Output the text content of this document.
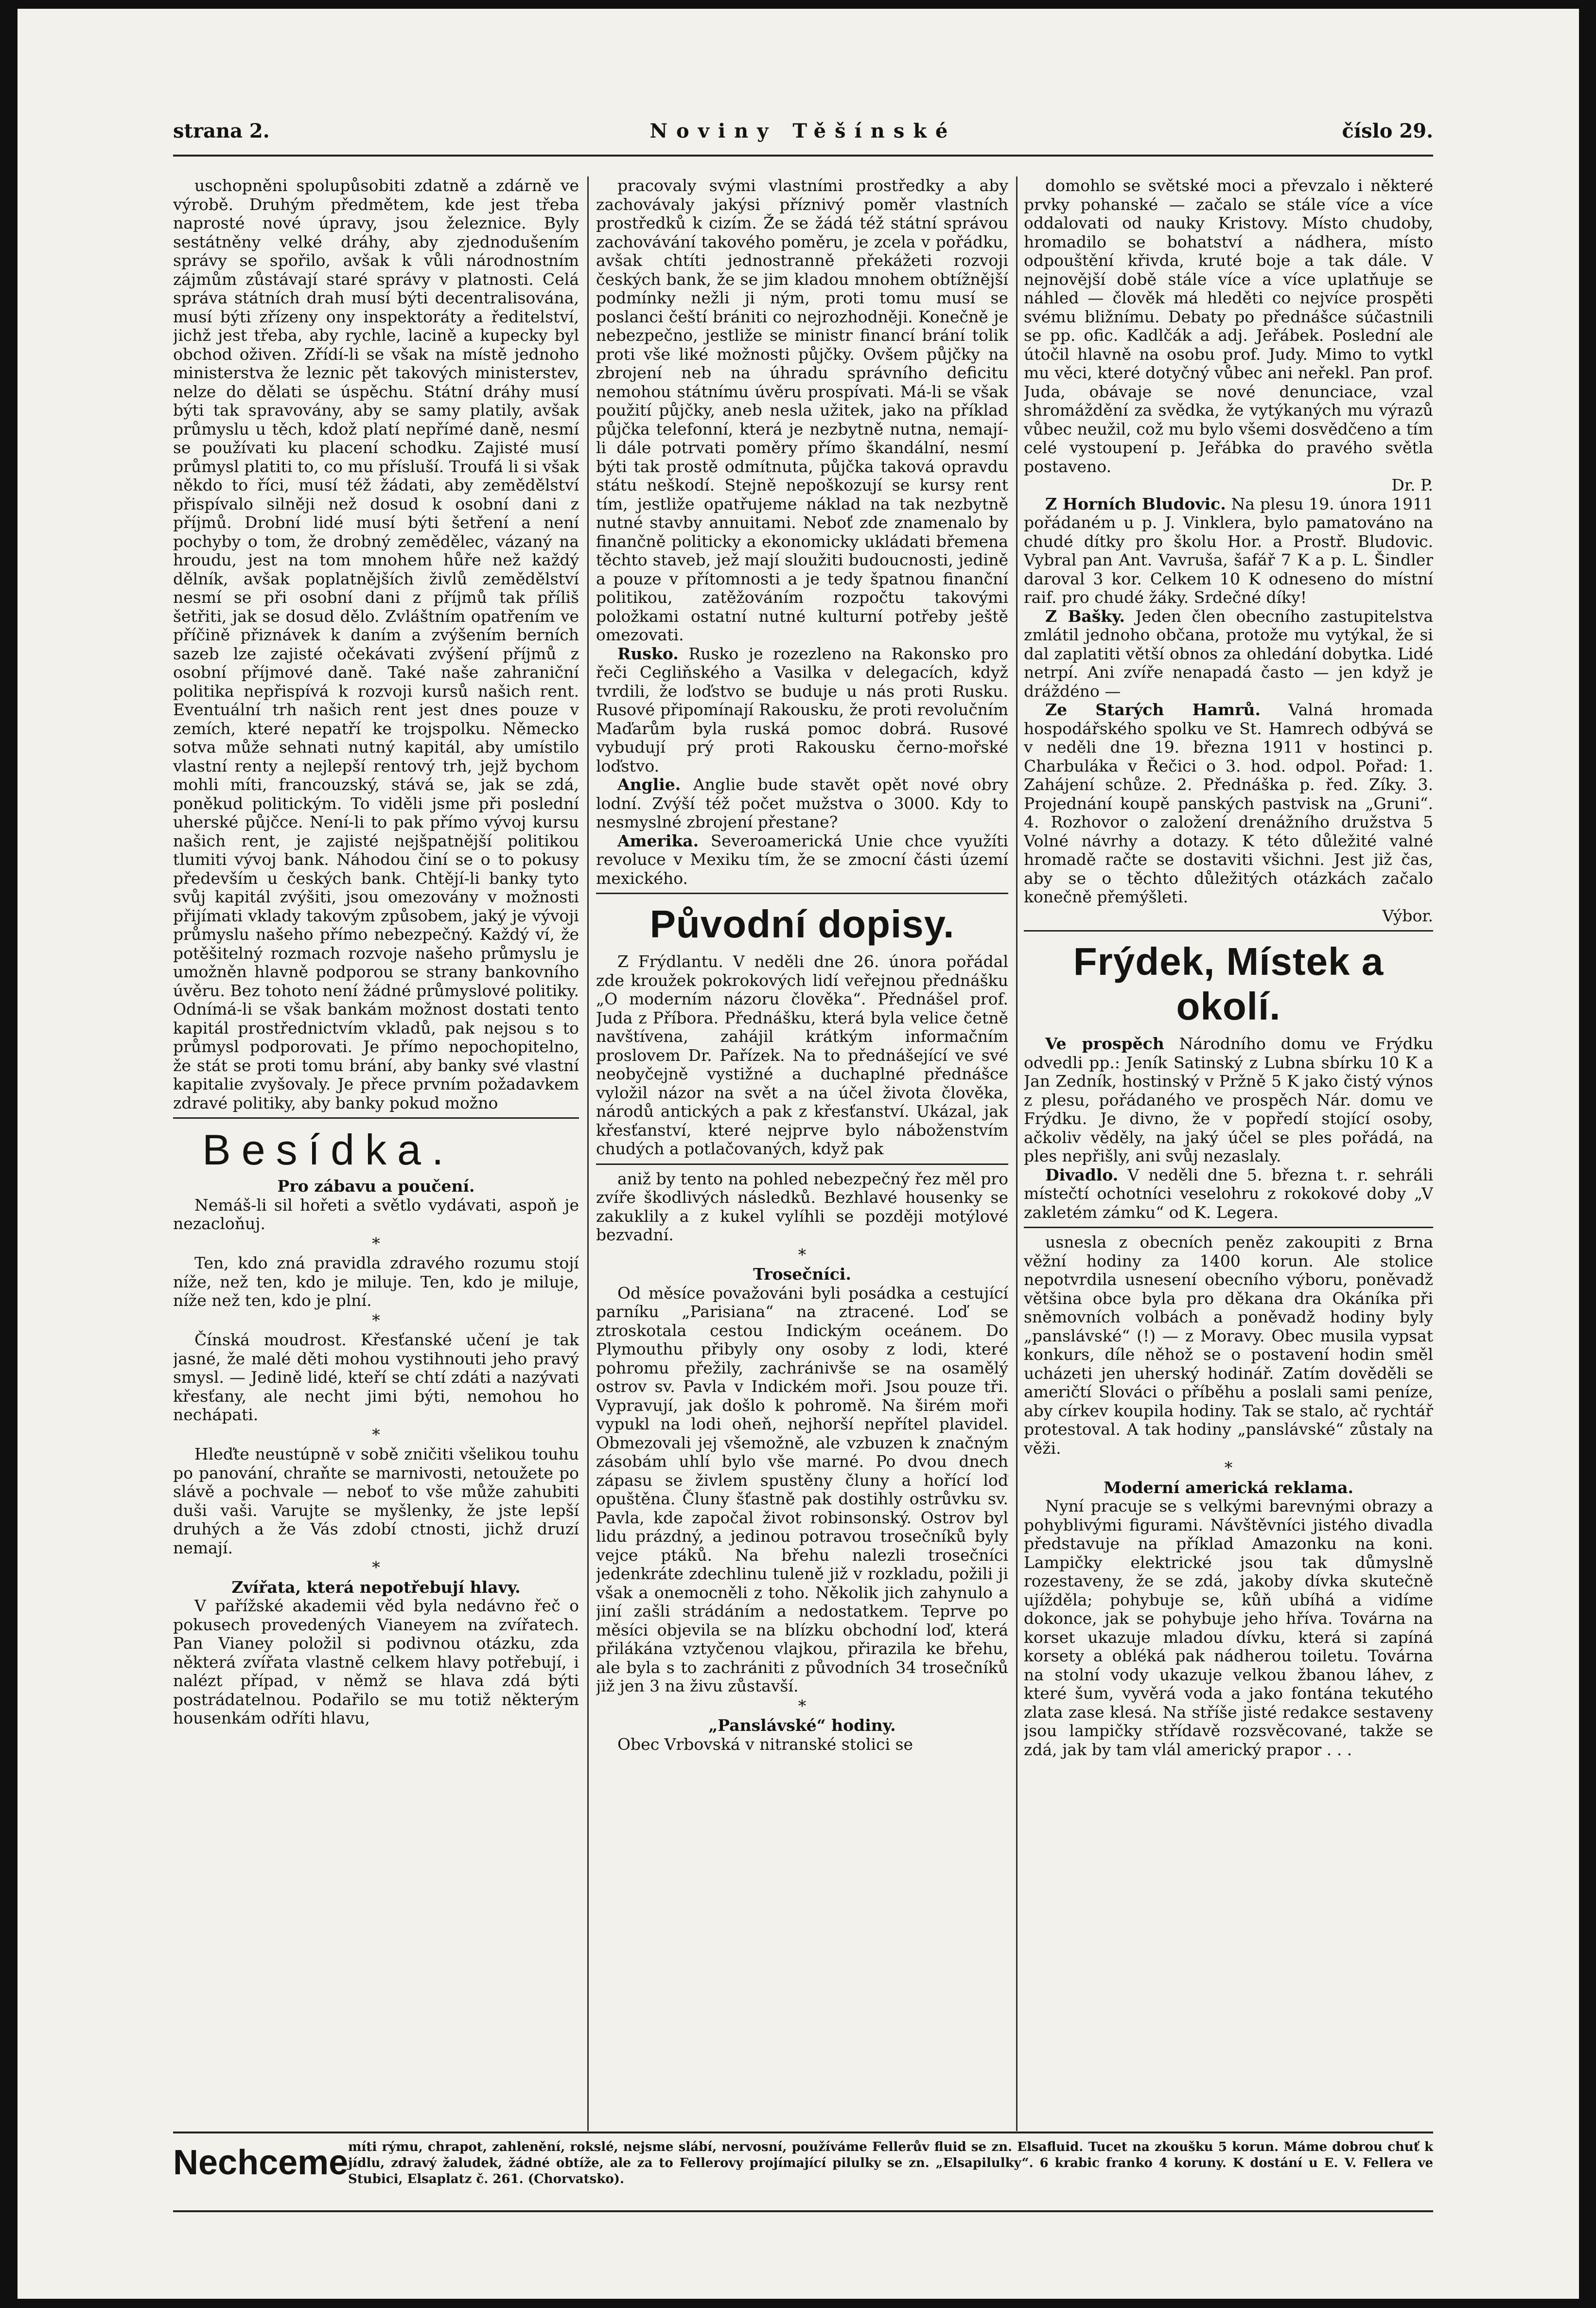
strana 2.	Noviny Těšínské	číslo 29.

uschopněni spolupůsobiti zdatně a zdárně ve výrobě. Druhým předmětem, kde jest třeba naprosté nové úpravy, jsou železnice. Byly sestátněny velké dráhy, aby zjednodušením správy se spořilo, avšak k vůli národnostním zájmům zůstávají staré správy v platnosti. Celá správa státních drah musí býti decentralisována, musí býti zřízeny ony inspektoráty a ředitelství, jichž jest třeba, aby rychle, lacině a kupecky byl obchod oživen. Zřídí-li se však na místě jednoho ministerstva že leznic pět takových ministerstev, nelze do dělati se úspěchu. Státní dráhy musí býti tak spravovány, aby se samy platily, avšak průmyslu u těch, kdož platí nepřímé daně, nesmí se používati ku placení schodku. Zajisté musí průmysl platiti to, co mu přísluší. Troufá li si však někdo to říci, musí též žádati, aby zemědělství přispívalo silněji než dosud k osobní dani z příjmů. Drobní lidé musí býti šetření a není pochyby o tom, že drobný zemědělec, vázaný na hroudu, jest na tom mnohem hůře než každý dělník, avšak poplatnějších živlů zemědělství nesmí se při osobní dani z příjmů tak příliš šetřiti, jak se dosud dělo. Zvláštním opatřením ve příčině přiznávek k daním a zvýšením berních sazeb lze zajisté očekávati zvýšení příjmů z osobní příjmové daně. Také naše zahraniční politika nepřispívá k rozvoji kursů našich rent. Eventuální trh našich rent jest dnes pouze v zemích, které nepatří ke trojspolku. Německo sotva může sehnati nutný kapitál, aby umístilo vlastní renty a nejlepší rentový trh, jejž bychom mohli míti, francouzský, stává se, jak se zdá, poněkud politickým. To viděli jsme při poslední uherské půjčce. Není-li to pak přímo vývoj kursu našich rent, je zajisté nejšpatnější politikou tlumiti vývoj bank. Náhodou činí se o to pokusy především u českých bank. Chtějí-li banky tyto svůj kapitál zvýšiti, jsou omezovány v možnosti přijímati vklady takovým způsobem, jaký je vývoji průmyslu našeho přímo nebezpečný. Každý ví, že potěšitelný rozmach rozvoje našeho průmyslu je umožněn hlavně podporou se strany bankovního úvěru. Bez tohoto není žádné průmyslové politiky. Odnímá-li se však bankám možnost dostati tento kapitál prostřednictvím vkladů, pak nejsou s to průmysl podporovati. Je přímo nepochopitelno, že stát se proti tomu brání, aby banky své vlastní kapitalie zvyšovaly. Je přece prvním požadavkem zdravé politiky, aby banky pokud možno

Besídka.

Pro zábavu a poučení.

Nemáš-li sil hořeti a světlo vydávati, aspoň je nezacloňuj.

*

Ten, kdo zná pravidla zdravého rozumu stojí níže, než ten, kdo je miluje. Ten, kdo je miluje, níže než ten, kdo je plní.

*

Čínská moudrost. Křesťanské učení je tak jasné, že malé děti mohou vystihnouti jeho pravý smysl. — Jedině lidé, kteří se chtí zdáti a nazývati křesťany, ale necht jimi býti, nemohou ho nechápati.

*

Hleďte neustúpně v sobě zničiti všelikou touhu po panování, chraňte se marnivosti, netoužete po slávě a pochvale — neboť to vše může zahubiti duši vaši. Varujte se myšlenky, že jste lepší druhých a že Vás zdobí ctnosti, jichž druzí nemají.

*

Zvířata, která nepotřebují hlavy.

V pařížské akademii věd byla nedávno řeč o pokusech provedených Vianeyem na zvířatech. Pan Vianey položil si podivnou otázku, zda některá zvířata vlastně celkem hlavy potřebují, i nalézt případ, v němž se hlava zdá býti postrádatelnou. Podařilo se mu totiž některým housenkám odříti hlavu,

pracovaly svými vlastními prostředky a aby zachovávaly jakýsi příznivý poměr vlastních prostředků k cizím. Že se žádá též státní správou zachovávání takového poměru, je zcela v pořádku, avšak chtíti jednostranně překážeti rozvoji českých bank, že se jim kladou mnohem obtížnější podmínky nežli ji ným, proti tomu musí se poslanci čeští brániti co nejrozhodněji. Konečně je nebezpečno, jestliže se ministr financí brání tolik proti vše liké možnosti půjčky. Ovšem půjčky na zbrojení neb na úhradu správního deficitu nemohou státnímu úvěru prospívati. Má-li se však použití půjčky, aneb nesla užitek, jako na příklad půjčka telefonní, která je nezbytně nutna, nemají-li dále potrvati poměry přímo škandální, nesmí býti tak prostě odmítnuta, půjčka taková opravdu státu neškodí. Stejně nepoškozují se kursy rent tím, jestliže opatřujeme náklad na tak nezbytně nutné stavby annuitami. Neboť zde znamenalo by finančně politicky a ekonomicky ukládati břemena těchto staveb, jež mají sloužiti budoucnosti, jedině a pouze v přítomnosti a je tedy špatnou finanční politikou, zatěžováním rozpočtu takovými položkami ostatní nutné kulturní potřeby ještě omezovati.

Rusko. Rusko je rozezleno na Rakonsko pro řeči Cegliňského a Vasilka v delegacích, když tvrdili, že loďstvo se buduje u nás proti Rusku. Rusové připomínají Rakousku, že proti revolučním Maďarům byla ruská pomoc dobrá. Rusové vybudují prý proti Rakousku černo-mořské loďstvo.

Anglie. Anglie bude stavět opět nové obry lodní. Zvýší též počet mužstva o 3000. Kdy to nesmyslné zbrojení přestane?

Amerika. Severoamerická Unie chce využíti revoluce v Mexiku tím, že se zmocní části území mexického.

Původní dopisy.

Z Frýdlantu. V neděli dne 26. února pořádal zde kroužek pokrokových lidí veřejnou přednášku „O moderním názoru člověka“. Přednášel prof. Juda z Příbora. Přednášku, která byla velice četně navštívena, zahájil krátkým informačním proslovem Dr. Pařízek. Na to přednášející ve své neobyčejně vystižné a duchaplné přednášce vyložil názor na svět a na účel života člověka, národů antických a pak z křesťanství. Ukázal, jak křesťanství, které nejprve bylo náboženstvím chudých a potlačovaných, když pak

aniž by tento na pohled nebezpečný řez měl pro zvíře škodlivých následků. Bezhlavé housenky se zakuklily a z kukel vylíhli se později motýlové bezvadní.

*

Trosečníci.

Od měsíce považováni byli posádka a cestující parníku „Parisiana“ na ztracené. Loď se ztroskotala cestou Indickým oceánem. Do Plymouthu přibyly ony osoby z lodi, které pohromu přežily, zachránivše se na osamělý ostrov sv. Pavla v Indickém moři. Jsou pouze tři. Vypravují, jak došlo k pohromě. Na širém moři vypukl na lodi oheň, nejhorší nepřítel plavidel. Obmezovali jej všemožně, ale vzbuzen k značným zásobám uhlí bylo vše marné. Po dvou dnech zápasu se živlem spustěny čluny a hořící loď opuštěna. Čluny šťastně pak dostihly ostrůvku sv. Pavla, kde započal život robinsonský. Ostrov byl lidu prázdný, a jedinou potravou trosečníků byly vejce ptáků. Na břehu nalezli trosečníci jedenkráte zdechlinu tuleně již v rozkladu, požili ji však a onemocněli z toho. Několik jich zahynulo a jiní zašli strádáním a nedostatkem. Teprve po měsíci objevila se na blízku obchodní loď, která přilákána vztyčenou vlajkou, přirazila ke břehu, ale byla s to zachrániti z původních 34 trosečníků již jen 3 na živu zůstavší.

*

„Panslávské“ hodiny.

Obec Vrbovská v nitranské stolici se

domohlo se světské moci a převzalo i některé prvky pohanské — začalo se stále více a více oddalovati od nauky Kristovy. Místo chudoby, hromadilo se bohatství a nádhera, místo odpouštění křivda, kruté boje a tak dále. V nejnovější době stále více a více uplatňuje se náhled — člověk má hleděti co nejvíce prospěti svému bližnímu. Debaty po přednášce súčastnili se pp. ofic. Kadlčák a adj. Jeřábek. Poslední ale útočil hlavně na osobu prof. Judy. Mimo to vytkl mu věci, které dotyčný vůbec ani neřekl. Pan prof. Juda, obávaje se nové denunciace, vzal shromáždění za svědka, že vytýkaných mu výrazů vůbec neužil, což mu bylo všemi dosvědčeno a tím celé vystoupení p. Jeřábka do pravého světla postaveno.

Dr. P.

Z Horních Bludovic. Na plesu 19. února 1911 pořádaném u p. J. Vinklera, bylo pamatováno na chudé dítky pro školu Hor. a Prostř. Bludovic. Vybral pan Ant. Vavruša, šafář 7 K a p. L. Šindler daroval 3 kor. Celkem 10 K odneseno do místní raif. pro chudé žáky. Srdečné díky!

Z Bašky. Jeden člen obecního zastupitelstva zmlátil jednoho občana, protože mu vytýkal, že si dal zaplatiti větší obnos za ohledání dobytka. Lidé netrpí. Ani zvíře nenapadá často — jen když je dráždéno —

Ze Starých Hamrů. Valná hromada hospodářského spolku ve St. Hamrech odbývá se v neděli dne 19. března 1911 v hostinci p. Charbuláka v Řečici o 3. hod. odpol. Pořad: 1. Zahájení schůze. 2. Přednáška p. řed. Zíky. 3. Projednání koupě panských pastvisk na „Gruni“. 4. Rozhovor o založení drenážního družstva 5 Volné návrhy a dotazy. K této důležité valné hromadě račte se dostaviti všichni. Jest již čas, aby se o těchto důležitých otázkách začalo konečně přemýšleti.

Výbor.

Frýdek, Místek a okolí.

Ve prospěch Národního domu ve Frýdku odvedli pp.: Jeník Satinský z Lubna sbírku 10 K a Jan Zedník, hostinský v Pržně 5 K jako čistý výnos z plesu, pořádaného ve prospěch Nár. domu ve Frýdku. Je divno, že v popředí stojící osoby, ačkoliv věděly, na jaký účel se ples pořádá, na ples nepřišly, ani svůj nezaslaly.

Divadlo. V neděli dne 5. března t. r. sehráli místečtí ochotníci veselohru z rokokové doby „V zakletém zámku“ od K. Legera.

usnesla z obecních peněz zakoupiti z Brna věžní hodiny za 1400 korun. Ale stolice nepotvrdila usnesení obecního výboru, poněvadž většina obce byla pro děkana dra Okáníka při sněmovních volbách a poněvadž hodiny byly „panslávské“ (!) — z Moravy. Obec musila vypsat konkurs, díle něhož se o postavení hodin směl ucházeti jen uherský hodinář. Zatím dověděli se američtí Slováci o příběhu a poslali sami peníze, aby církev koupila hodiny. Tak se stalo, ač rychtář protestoval. A tak hodiny „panslávské“ zůstaly na věži.

*

Moderní americká reklama.

Nyní pracuje se s velkými barevnými obrazy a pohyblivými figurami. Návštěvníci jistého divadla představuje na příklad Amazonku na koni. Lampičky elektrické jsou tak důmyslně rozestaveny, že se zdá, jakoby dívka skutečně ujížděla; pohybuje se, kůň ubíhá a vidíme dokonce, jak se pohybuje jeho hříva. Továrna na korset ukazuje mladou dívku, která si zapíná korsety a obléká pak nádherou toiletu. Továrna na stolní vody ukazuje velkou žbanou láhev, z které šum, vyvěrá voda a jako fontána tekutého zlata zase klesá. Na stříše jisté redakce sestaveny jsou lampičky střídavě rozsvěcované, takže se zdá, jak by tam vlál americký prapor . . .

Nechceme míti rýmu, chrapot, zahlenění, rokslé, nejsme slábí, nervosní, používáme Fellerův fluid se zn. Elsafluid. Tucet na zkoušku 5 korun. Máme dobrou chuť k jídlu, zdravý žaludek, žádné obtíže, ale za to Fellerovy projímající pilulky se zn. „Elsapilulky“. 6 krabic franko 4 koruny. K dostání u E. V. Fellera ve Stubici, Elsaplatz č. 261. (Chorvatsko).
